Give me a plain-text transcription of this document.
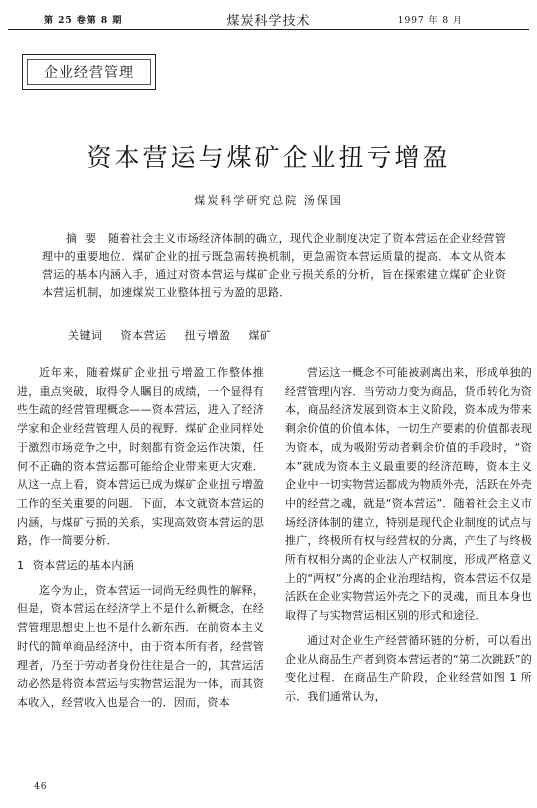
第 25 卷第 8 期	煤炭科学技术	1997 年 8 月
企业经营管理
资本营运与煤矿企业扭亏增盈
煤炭科学研究总院 汤保国
摘要 随着社会主义市场经济体制的确立，现代企业制度决定了资本营运在企业经营管理中的重要地位．煤矿企业的扭亏既急需转换机制，更急需资本营运质量的提高．本文从资本营运的基本内涵入手，通过对资本营运与煤矿企业亏损关系的分析，旨在探索建立煤矿企业资本营运机制，加速煤炭工业整体扭亏为盈的思路．
关键词 资本营运 扭亏增盈 煤矿

近年来，随着煤矿企业扭亏增盈工作整体推进，重点突破，取得令人瞩目的成绩，一个显得有些生疏的经营管理概念——资本营运，进入了经济学家和企业经营管理人员的视野．煤矿企业同样处于激烈市场竞争之中，时刻都有资金运作决策，任何不正确的资本营运都可能给企业带来更大灾难．从这一点上看，资本营运已成为煤矿企业扭亏增盈工作的至关重要的问题．下面，本文就资本营运的内涵，与煤矿亏损的关系，实现高效资本营运的思路，作一简要分析．

1 资本营运的基本内涵

迄今为止，资本营运一词尚无经典性的解释，但是，资本营运在经济学上不是什么新概念，在经营管理思想史上也不是什么新东西．在前资本主义时代的简单商品经济中，由于资本所有者，经营管理者，乃至于劳动者身份往往是合一的，其营运活动必然是将资本营运与实物营运混为一体，而其资本收入，经营收入也是合一的．因而，资本

营运这一概念不可能被剥离出来，形成单独的经营管理内容．当劳动力变为商品，货币转化为资本，商品经济发展到资本主义阶段，资本成为带来剩余价值的价值本体，一切生产要素的价值都表现为资本，成为吸附劳动者剩余价值的手段时，“资本”就成为资本主义最重要的经济范畴，资本主义企业中一切实物营运都成为物质外壳，活跃在外壳中的经营之魂，就是“资本营运”．随着社会主义市场经济体制的建立，特别是现代企业制度的试点与推广，终极所有权与经营权的分离，产生了与终极所有权相分离的企业法人产权制度，形成严格意义上的“两权”分离的企业治理结构，资本营运不仅是活跃在企业实物营运外壳之下的灵魂，而且本身也取得了与实物营运相区别的形式和途径．

通过对企业生产经营循环链的分析，可以看出企业从商品生产者到资本营运者的“第二次跳跃”的变化过程．在商品生产阶段，企业经营如图 1 所示．我们通常认为，

46
